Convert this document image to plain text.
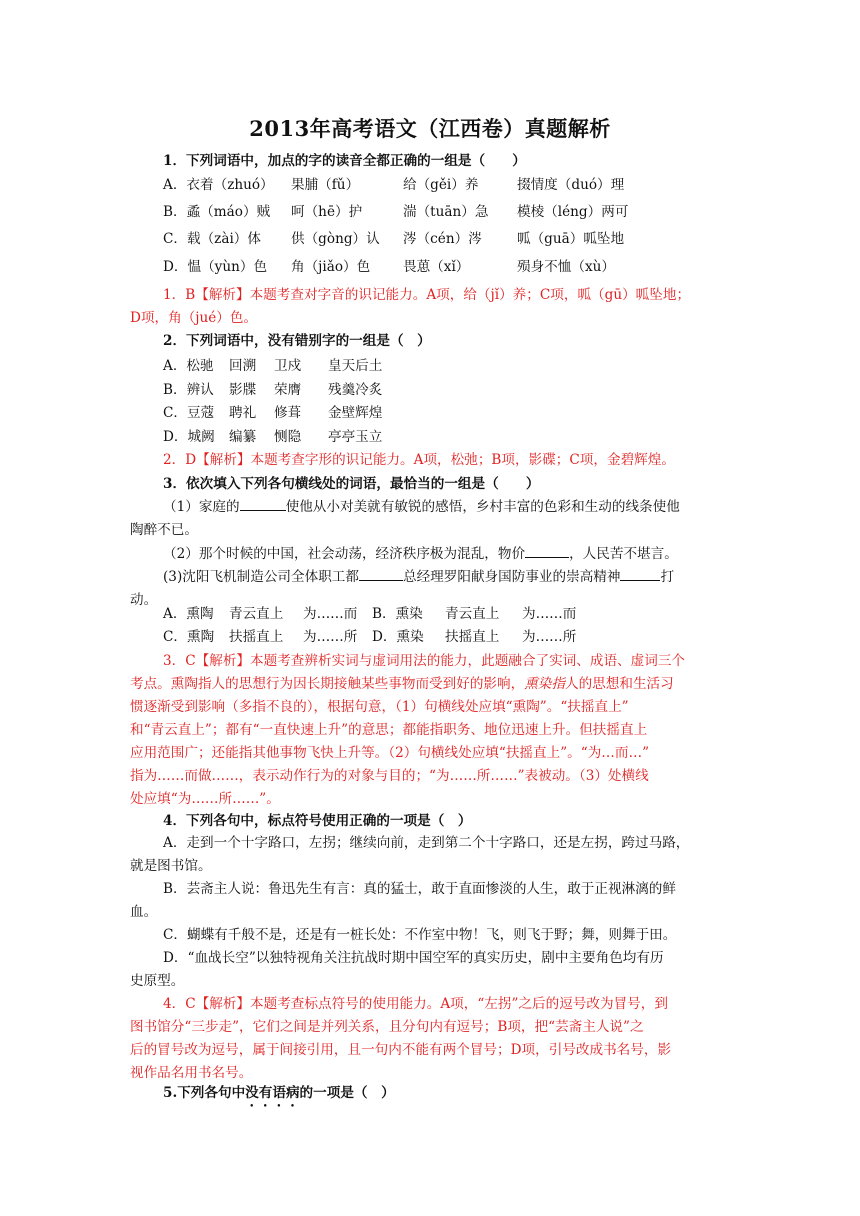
2013年高考语文（江西卷）真题解析
1．下列词语中，加点的字的读音全都正确的一组是（　　）
A．衣着（zhuó） 果脯（fǔ）	给（gěi）养	掇情度（duó）理
B．蟊（máo）贼 呵（hē）护	湍（tuān）急 模棱（léng）两可
C．载（zài）体 供（gòng）认 涔（cén）涔	呱（guā）呱坠地
D．愠（yùn）色 角（jiǎo）色 畏葸（xǐ）	殒身不恤（xù）
1．B【解析】本题考查对字音的识记能力。A项，给（jǐ）养；C项，呱（gū）呱坠地；
D项，角（jué）色。
2．下列词语中，没有错别字的一组是（　）
A．松驰 回溯 卫戍 皇天后土
B．辨认 影牒 荣膺 残羹冷炙
C．豆蔻 聘礼 修葺 金壁辉煌
D．城阙 编纂 恻隐 亭亭玉立
2．D【解析】本题考查字形的识记能力。A项，松弛；B项，影碟；C项，金碧辉煌。
3．依次填入下列各句横线处的词语，最恰当的一组是（　　）
（1）家庭的	使他从小对美就有敏锐的感悟，乡村丰富的色彩和生动的线条使他
陶醉不已。
（2）那个时候的中国，社会动荡，经济秩序极为混乱，物价	，人民苦不堪言。
(3)沈阳飞机制造公司全体职工都	总经理罗阳献身国防事业的崇高精神	打
动。
A．熏陶 青云直上 为……而 B．熏染 青云直上 为……而
C．熏陶 扶摇直上 为……所 D．熏染 扶摇直上 为……所
3．C【解析】本题考查辨析实词与虚词用法的能力，此题融合了实词、成语、虚词三个
考点。熏陶指人的思想行为因长期接触某些事物而受到好的影响，熏染指人的思想和生活习
惯逐渐受到影响（多指不良的），根据句意，（1）句横线处应填“熏陶”。“扶摇直上”
和“青云直上”；都有“一直快速上升”的意思；都能指职务、地位迅速上升。但扶摇直上
应用范围广；还能指其他事物飞快上升等。（2）句横线处应填“扶摇直上”。“为…而…”
指为……而做……，表示动作行为的对象与目的；“为……所……”表被动。（3）处横线
处应填“为……所……”。
4．下列各句中，标点符号使用正确的一项是（　）
A．走到一个十字路口，左拐；继续向前，走到第二个十字路口，还是左拐，跨过马路，
就是图书馆。
B．芸斋主人说：鲁迅先生有言：真的猛士，敢于直面惨淡的人生，敢于正视淋漓的鲜
血。
C．蝴蝶有千般不是，还是有一桩长处：不作室中物！飞，则飞于野；舞，则舞于田。
D．“血战长空”以独特视角关注抗战时期中国空军的真实历史，剧中主要角色均有历
史原型。
4．C【解析】本题考查标点符号的使用能力。A项，“左拐”之后的逗号改为冒号，到
图书馆分“三步走”，它们之间是并列关系，且分句内有逗号；B项，把“芸斋主人说”之
后的冒号改为逗号，属于间接引用，且一句内不能有两个冒号；D项，引号改成书名号，影
视作品名用书名号。
5.下列各句中没有语病的一项是（　）
